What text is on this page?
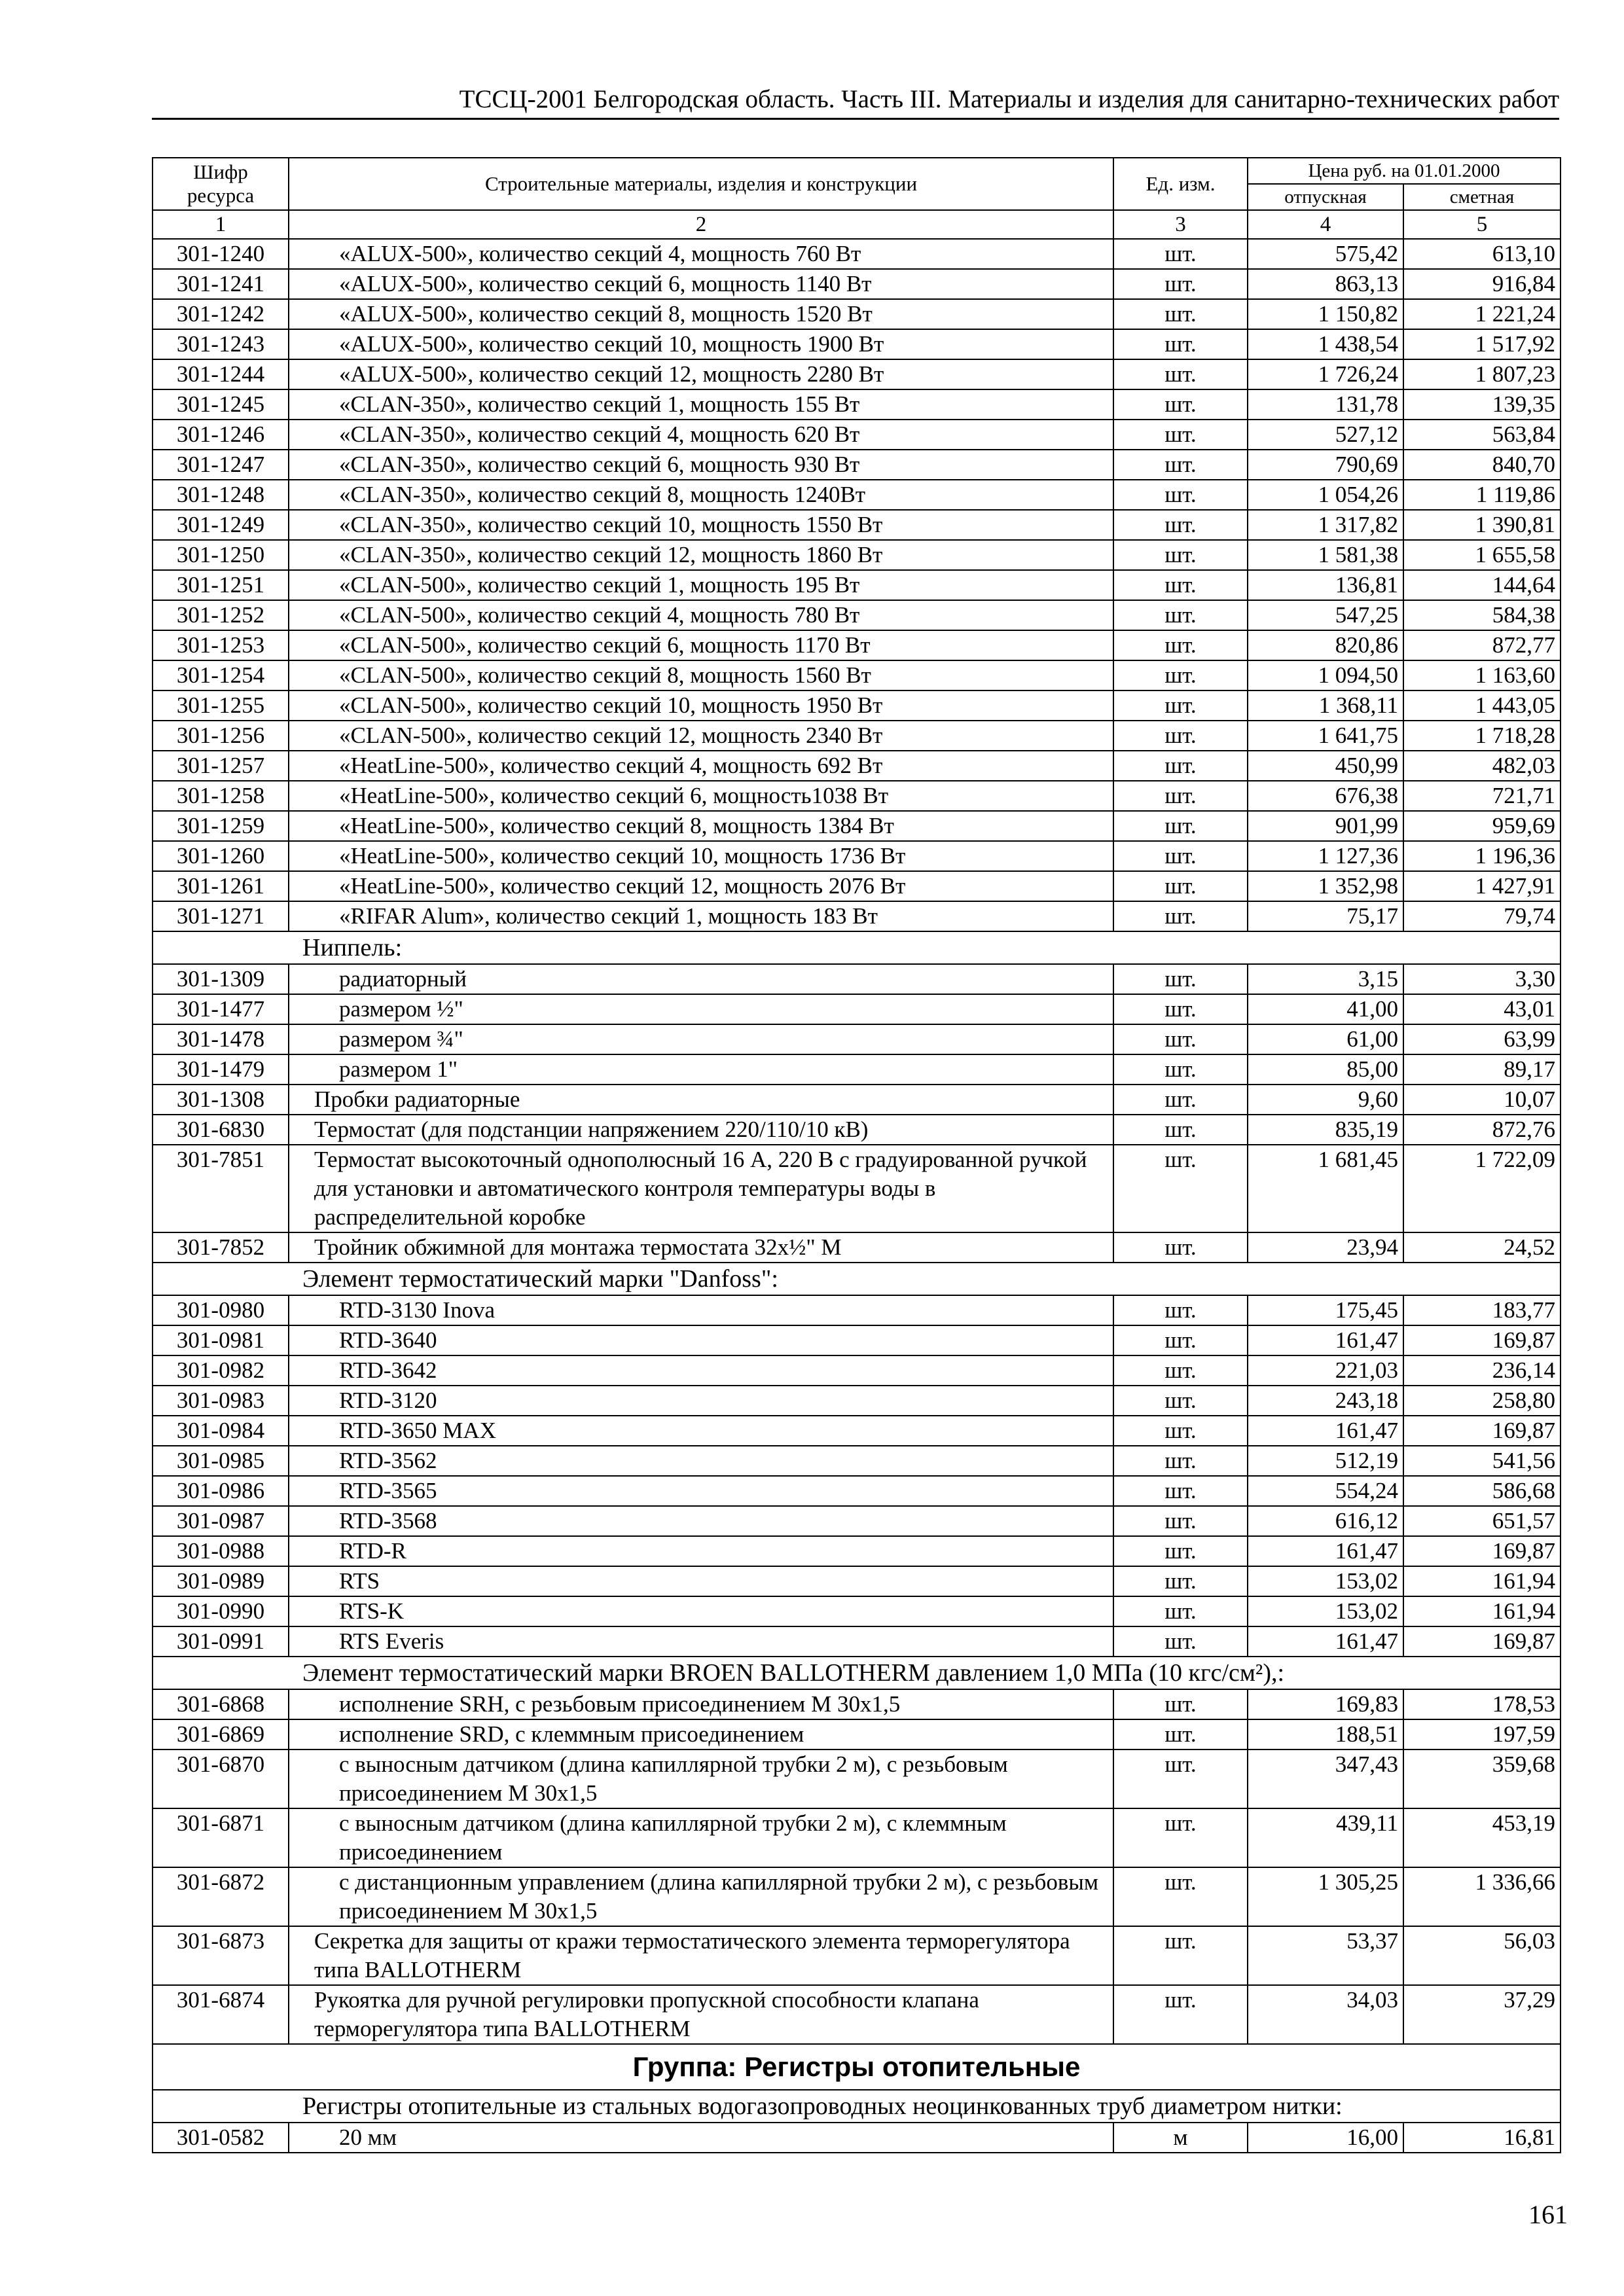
ТССЦ-2001 Белгородская область. Часть III. Материалы и изделия для санитарно-технических работ
Шифр ресурса	Строительные материалы, изделия и конструкции	Ед. изм.	Цена руб. на 01.01.2000	
			отпускная	сметная
1	2	3	4	5
301-1240	«ALUX-500», количество секций 4, мощность 760 Вт	шт.	575,42	613,10
301-1241	«ALUX-500», количество секций 6, мощность 1140 Вт	шт.	863,13	916,84
301-1242	«ALUX-500», количество секций 8, мощность 1520 Вт	шт.	1 150,82	1 221,24
301-1243	«ALUX-500», количество секций 10, мощность 1900 Вт	шт.	1 438,54	1 517,92
301-1244	«ALUX-500», количество секций 12, мощность 2280 Вт	шт.	1 726,24	1 807,23
301-1245	«CLAN-350», количество секций 1, мощность 155 Вт	шт.	131,78	139,35
301-1246	«CLAN-350», количество секций 4, мощность 620 Вт	шт.	527,12	563,84
301-1247	«CLAN-350», количество секций 6, мощность 930 Вт	шт.	790,69	840,70
301-1248	«CLAN-350», количество секций 8, мощность 1240Вт	шт.	1 054,26	1 119,86
301-1249	«CLAN-350», количество секций 10, мощность 1550 Вт	шт.	1 317,82	1 390,81
301-1250	«CLAN-350», количество секций 12, мощность 1860 Вт	шт.	1 581,38	1 655,58
301-1251	«CLAN-500», количество секций 1, мощность 195 Вт	шт.	136,81	144,64
301-1252	«CLAN-500», количество секций 4, мощность 780 Вт	шт.	547,25	584,38
301-1253	«CLAN-500», количество секций 6, мощность 1170 Вт	шт.	820,86	872,77
301-1254	«CLAN-500», количество секций 8, мощность 1560 Вт	шт.	1 094,50	1 163,60
301-1255	«CLAN-500», количество секций 10, мощность 1950 Вт	шт.	1 368,11	1 443,05
301-1256	«CLAN-500», количество секций 12, мощность 2340 Вт	шт.	1 641,75	1 718,28
301-1257	«HeatLine-500», количество секций 4, мощность 692 Вт	шт.	450,99	482,03
301-1258	«HeatLine-500», количество секций 6, мощность1038 Вт	шт.	676,38	721,71
301-1259	«HeatLine-500», количество секций 8, мощность 1384 Вт	шт.	901,99	959,69
301-1260	«HeatLine-500», количество секций 10, мощность 1736 Вт	шт.	1 127,36	1 196,36
301-1261	«HeatLine-500», количество секций 12, мощность 2076 Вт	шт.	1 352,98	1 427,91
301-1271	«RIFAR Alum», количество секций 1, мощность 183 Вт	шт.	75,17	79,74
Ниппель:				
301-1309	радиаторный	шт.	3,15	3,30
301-1477	размером ½"	шт.	41,00	43,01
301-1478	размером ¾"	шт.	61,00	63,99
301-1479	размером 1"	шт.	85,00	89,17
301-1308	Пробки радиаторные	шт.	9,60	10,07
301-6830	Термостат (для подстанции напряжением 220/110/10 кВ)	шт.	835,19	872,76
301-7851	Термостат высокоточный однополюсный 16 А, 220 В с градуированной ручкой для установки и автоматического контроля температуры воды в распределительной коробке	шт.	1 681,45	1 722,09
301-7852	Тройник обжимной для монтажа термостата 32х½" М	шт.	23,94	24,52
Элемент термостатический марки "Danfoss":				
301-0980	RTD-3130 Inova	шт.	175,45	183,77
301-0981	RTD-3640	шт.	161,47	169,87
301-0982	RTD-3642	шт.	221,03	236,14
301-0983	RTD-3120	шт.	243,18	258,80
301-0984	RTD-3650 MAX	шт.	161,47	169,87
301-0985	RTD-3562	шт.	512,19	541,56
301-0986	RTD-3565	шт.	554,24	586,68
301-0987	RTD-3568	шт.	616,12	651,57
301-0988	RTD-R	шт.	161,47	169,87
301-0989	RTS	шт.	153,02	161,94
301-0990	RTS-K	шт.	153,02	161,94
301-0991	RTS Everis	шт.	161,47	169,87
Элемент термостатический марки BROEN BALLOTHERM давлением 1,0 МПа (10 кгс/см²),:				
301-6868	исполнение SRH, с резьбовым присоединением М 30х1,5	шт.	169,83	178,53
301-6869	исполнение SRD, с клеммным присоединением	шт.	188,51	197,59
301-6870	с выносным датчиком (длина капиллярной трубки 2 м), с резьбовым присоединением М 30х1,5	шт.	347,43	359,68
301-6871	с выносным датчиком (длина капиллярной трубки 2 м), с клеммным присоединением	шт.	439,11	453,19
301-6872	с дистанционным управлением (длина капиллярной трубки 2 м), с резьбовым присоединением М 30х1,5	шт.	1 305,25	1 336,66
301-6873	Секретка для защиты от кражи термостатического элемента терморегулятора типа BALLOTHERM	шт.	53,37	56,03
301-6874	Рукоятка для ручной регулировки пропускной способности клапана терморегулятора типа BALLOTHERM	шт.	34,03	37,29
Группа: Регистры отопительные				
Регистры отопительные из стальных водогазопроводных неоцинкованных труб диаметром нитки:				
301-0582	20 мм	м	16,00	16,81
161
